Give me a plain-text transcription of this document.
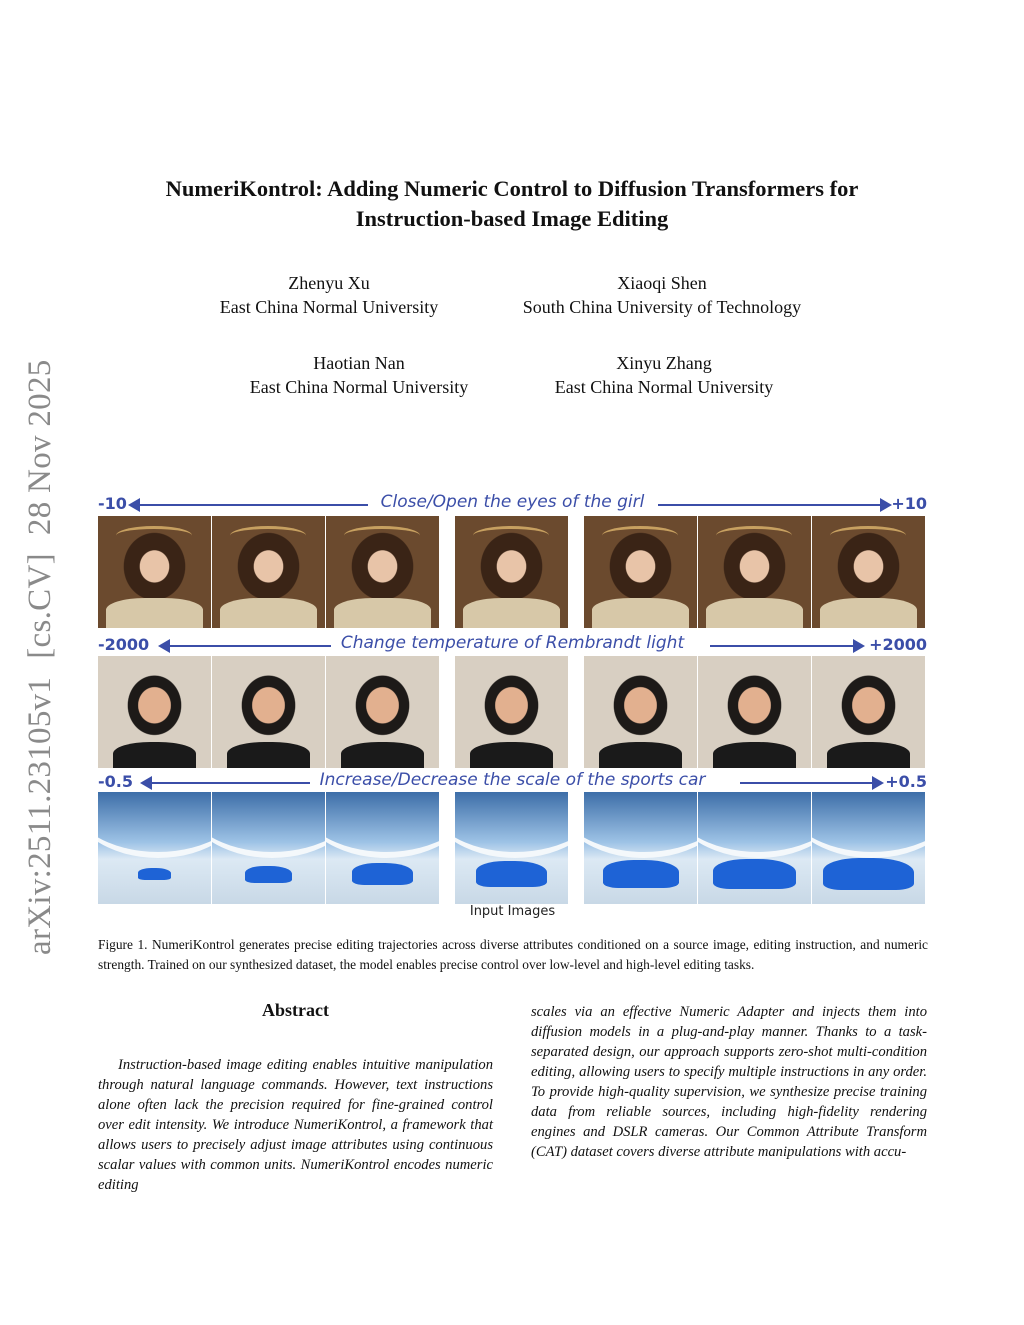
arXiv:2511.23105v1[cs.CV]28 Nov 2025
NumeriKontrol: Adding Numeric Control to Diffusion Transformers for
Instruction-based Image Editing
Zhenyu Xu
East China Normal University
Xiaoqi Shen
South China University of Technology
Haotian Nan
East China Normal University
Xinyu Zhang
East China Normal University
Input Images
Close/Open the eyes of the girl
-10	+10
Change temperature of Rembrandt light
-2000	+2000
Increase/Decrease the scale of the sports car
-0.5	+0.5
Figure 1. NumeriKontrol generates precise editing trajectories across diverse attributes conditioned on a source image, editing instruction, and numeric strength. Trained on our synthesized dataset, the model enables precise control over low-level and high-level editing tasks.
Abstract
Instruction-based image editing enables intuitive manipulation through natural language commands. However, text instructions alone often lack the precision required for fine-grained control over edit intensity. We introduce NumeriKontrol, a framework that allows users to precisely adjust image attributes using continuous scalar values with common units. NumeriKontrol encodes numeric editing
scales via an effective Numeric Adapter and injects them into diffusion models in a plug-and-play manner. Thanks to a task-separated design, our approach supports zero-shot multi-condition editing, allowing users to specify multiple instructions in any order. To provide high-quality supervision, we synthesize precise training data from reliable sources, including high-fidelity rendering engines and DSLR cameras. Our Common Attribute Transform (CAT) dataset covers diverse attribute manipulations with accu-
